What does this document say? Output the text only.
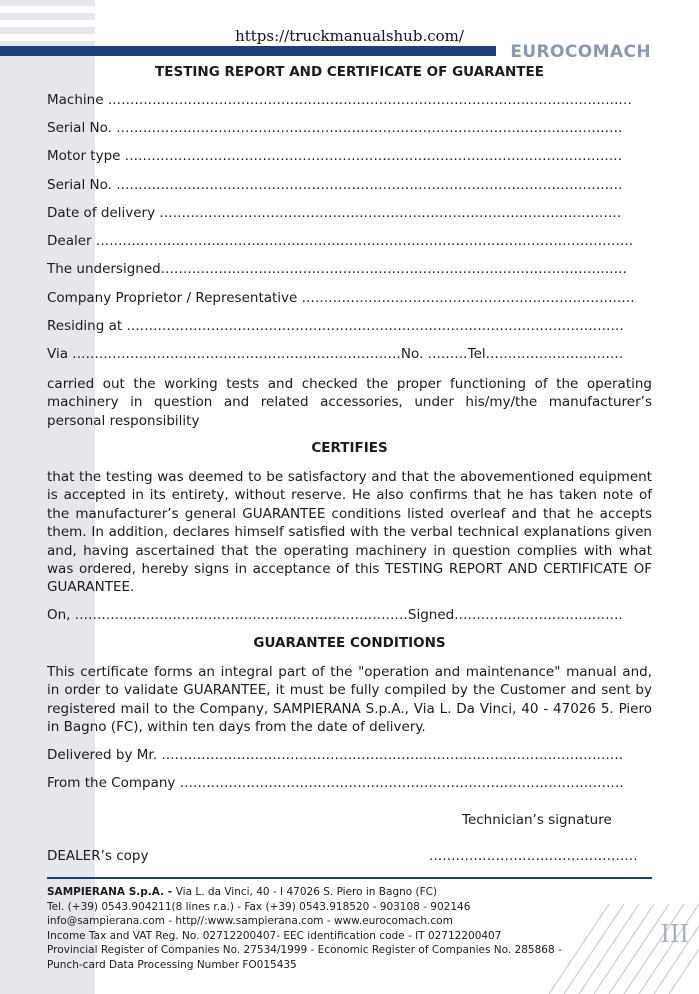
https://truckmanualshub.com/
EUROCOMACH
TESTING REPORT AND CERTIFICATE OF GUARANTEE
Machine ......................................................................................................................
Serial No. ..................................................................................................................
Motor type ................................................................................................................
Serial No. ..................................................................................................................
Date of delivery ........................................................................................................
Dealer .........................................................................................................................
The undersigned.........................................................................................................
Company Proprietor / Representative ...........................................................................
Residing at ................................................................................................................
Via ..........................................................................No. .........Tel...............................

carried out the working tests and checked the proper functioning of the operating machinery in question and related accessories, under his/my/the manufacturer’s personal responsibility

CERTIFIES

that the testing was deemed to be satisfactory and that the abovementioned equipment is accepted in its entirety, without reserve. He also confirms that he has taken note of the manufacturer’s general GUARANTEE conditions listed overleaf and that he accepts them. In addition, declares himself satisfied with the verbal technical explanations given and, having ascertained that the operating machinery in question complies with what was ordered, hereby signs in acceptance of this TESTING REPORT AND CERTIFICATE OF GUARANTEE.

On, ...........................................................................Signed......................................
GUARANTEE CONDITIONS

This certificate forms an integral part of the "operation and maintenance" manual and, in order to validate GUARANTEE, it must be fully compiled by the Customer and sent by registered mail to the Company, SAMPIERANA S.p.A., Via L. Da Vinci, 40 - 47026 5. Piero in Bagno (FC), within ten days from the date of delivery.

Delivered by Mr. ........................................................................................................
From the Company ....................................................................................................
Technician’s signature
DEALER’s copy	...............................................
SAMPIERANA S.p.A. - Via L. da Vinci, 40 - I 47026 S. Piero in Bagno (FC)
Tel. (+39) 0543.904211(8 lines r.a.) - Fax (+39) 0543.918520 - 903108 - 902146
info@sampierana.com - http//:www.sampierana.com - www.eurocomach.com
Income Tax and VAT Reg. No. 02712200407- EEC identification code - IT 02712200407
Provincial Register of Companies No. 27534/1999 - Economic Register of Companies No. 285868 -
Punch-card Data Processing Number FO015435
III
